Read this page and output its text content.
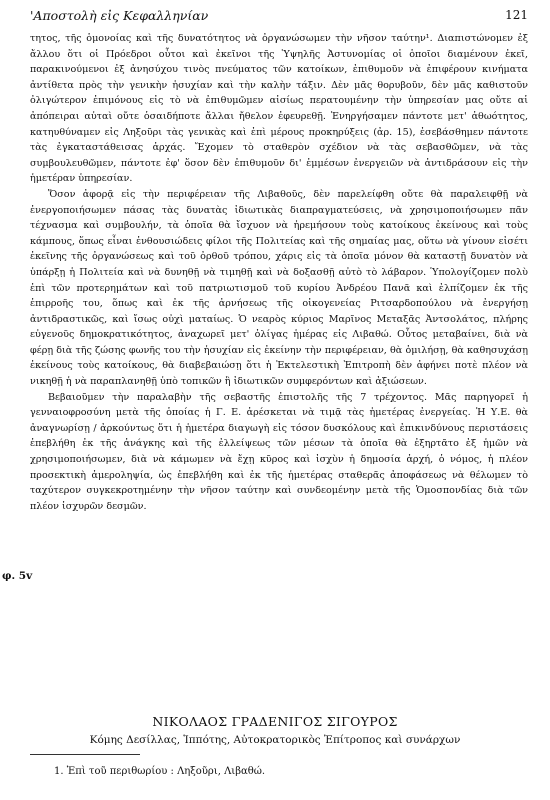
'Αποστολὴ εἰς Κεφαλληνίαν	121

τητος, τῆς ὁμονοίας καὶ τῆς δυνατότητος νὰ ὀργανώσωμεν τὴν νῆσον ταύτην¹. Διαπιστώνομεν ἐξ ἄλλου ὅτι οἱ Πρόεδροι οὗτοι καὶ ἐκεῖνοι τῆς Ὑψηλῆς Ἀστυνομίας οἱ ὁποῖοι διαμένουν ἐκεῖ, παρακινούμενοι ἐξ ἀνησύχου τινὸς πνεύματος τῶν κατοίκων, ἐπιθυμοῦν νὰ ἐπιφέρουν κινήματα ἀντίθετα πρὸς τὴν γενικὴν ἡσυχίαν καὶ τὴν καλὴν τάξιν. Δὲν μᾶς θορυβοῦν, δὲν μᾶς καθιστοῦν ὀλιγώτερον ἐπιμόνους εἰς τὸ νὰ ἐπιθυμῶμεν αἰσίως περατουμένην τὴν ὑπηρεσίαν μας οὔτε αἱ ἀπόπειραι αὐταὶ οὔτε ὁσαιδήποτε ἄλλαι ἤθελον ἐφευρεθῇ. Ἐνηργήσαμεν πάντοτε μετ' ἀθωότητος, κατηυθύναμεν εἰς Ληξοῦρι τὰς γενικὰς καὶ ἐπὶ μέρους προκηρύξεις (ἀρ. 15), ἐσεβάσθημεν πάντοτε τὰς ἐγκαταστάθεισας ἀρχάς. Ἔχομεν τὸ σταθερὸν σχέδιον νὰ τὰς σεβασθῶμεν, νὰ τὰς συμβουλευθῶμεν, πάντοτε ἐφ' ὅσον δὲν ἐπιθυμοῦν δι' ἐμμέσων ἐνεργειῶν νὰ ἀντιδράσουν εἰς τὴν ἡμετέραν ὑπηρεσίαν.

Ὅσον ἀφορᾷ εἰς τὴν περιφέρειαν τῆς Λιβαθοῦς, δὲν παρελείφθη οὔτε θὰ παραλειφθῇ νὰ ἐνεργοποιήσωμεν πάσας τὰς δυνατὰς ἰδιωτικὰς διαπραγματεύσεις, νὰ χρησιμοποιήσωμεν πᾶν τέχνασμα καὶ συμβουλήν, τὰ ὁποῖα θὰ ἴσχυον νὰ ἠρεμήσουν τοὺς κατοίκους ἐκείνους καὶ τοὺς κάμπους, ὅπως εἶναι ἐνθουσιώδεις φίλοι τῆς Πολιτείας καὶ τῆς σημαίας μας, οὕτω νὰ γίνουν εἰσέτι ἐκεῖνης τῆς ὀργανώσεως καὶ τοῦ ὀρθοῦ τρόπου, χάρις εἰς τὰ ὁποῖα μόνον θὰ καταστῇ δυνατὸν νὰ ὑπάρξῃ ἡ Πολιτεία καὶ νὰ δυνηθῇ νὰ τιμηθῇ καὶ νὰ δοξασθῇ αὐτὸ τὸ λάβαρον. Ὑπολογίζομεν πολὺ ἐπὶ τῶν προτερημάτων καὶ τοῦ πατριωτισμοῦ τοῦ κυρίου Ἀνδρέου Πανᾶ καὶ ἐλπίζομεν ἐκ τῆς ἐπιρροῆς του, ὅπως καὶ ἐκ τῆς ἀρνήσεως τῆς οἰκογενείας Ριτσαρδοπούλου νὰ ἐνεργήσῃ ἀντιδραστικῶς, καὶ ἴσως οὐχὶ ματαίως. Ὁ νεαρὸς κύριος Μαρῖνος Μεταξᾶς Ἀντσολάτος, πλήρης εὐγενοῦς δημοκρατικότητος, ἀναχωρεῖ μετ' ὀλίγας ἡμέρας εἰς Λιβαθώ. Οὗτος μεταβαίνει, διὰ νὰ φέρῃ διὰ τῆς ζώσης φωνῆς του τὴν ἡσυχίαν εἰς ἐκείνην τὴν περιφέρειαν, θὰ ὁμιλήσῃ, θὰ καθησυχάσῃ ἐκείνους τοὺς κατοίκους, θὰ διαβεβαιώσῃ ὅτι ἡ Ἐκτελεστικὴ Ἐπιτροπὴ δὲν ἀφήνει ποτὲ πλέον νὰ νικηθῇ ἡ νὰ παραπλανηθῇ ὑπὸ τοπικῶν ἢ ἰδιωτικῶν συμφερόντων καὶ ἀξιώσεων.

Βεβαιοῦμεν τὴν παραλαβὴν τῆς σεβαστῆς ἐπιστολῆς τῆς 7 τρέχοντος. Μᾶς παρηγορεῖ ἡ γενναιοφροσύνη μετὰ τῆς ὁποίας ἡ Γ. Ε. ἀρέσκεται νὰ τιμᾷ τὰς ἡμετέρας ἐνεργείας. Ἡ Υ.Ε. θὰ ἀναγνωρίσῃ / ἀρκούντως ὅτι ἡ ἡμετέρα διαγωγὴ εἰς τόσον δυσκόλους καὶ ἐπικινδύνους περιστάσεις ἐπεβλήθη ἐκ τῆς ἀνάγκης καὶ τῆς ἐλλείψεως τῶν μέσων τὰ ὁποῖα θὰ ἐξηρτᾶτο ἐξ ἡμῶν νὰ χρησιμοποιήσωμεν, διὰ νὰ κάμωμεν νὰ ἔχῃ κῦρος καὶ ἰσχὺν ἡ δημοσία ἀρχή, ὁ νόμος, ἡ πλέον προσεκτικὴ ἀμεροληψία, ὡς ἐπεβλήθη καὶ ἐκ τῆς ἡμετέρας σταθερᾶς ἀποφάσεως νὰ θέλωμεν τὸ ταχύτερον συγκεκροτημένην τὴν νῆσον ταύτην καὶ συνδεομένην μετὰ τῆς Ὁμοσπονδίας διὰ τῶν πλέον ἰσχυρῶν δεσμῶν.

φ. 5v
ΝΙΚΟΛΑΟΣ ΓΡΑΔΕΝΙΓΟΣ ΣΙΓΟΥΡΟΣ
Κόμης Δεσίλλας, Ἱππότης, Αὐτοκρατορικὸς Ἐπίτροπος καὶ συνάρχων
1. Ἐπὶ τοῦ περιθωρίου : Ληξοῦρι, Λιβαθώ.
